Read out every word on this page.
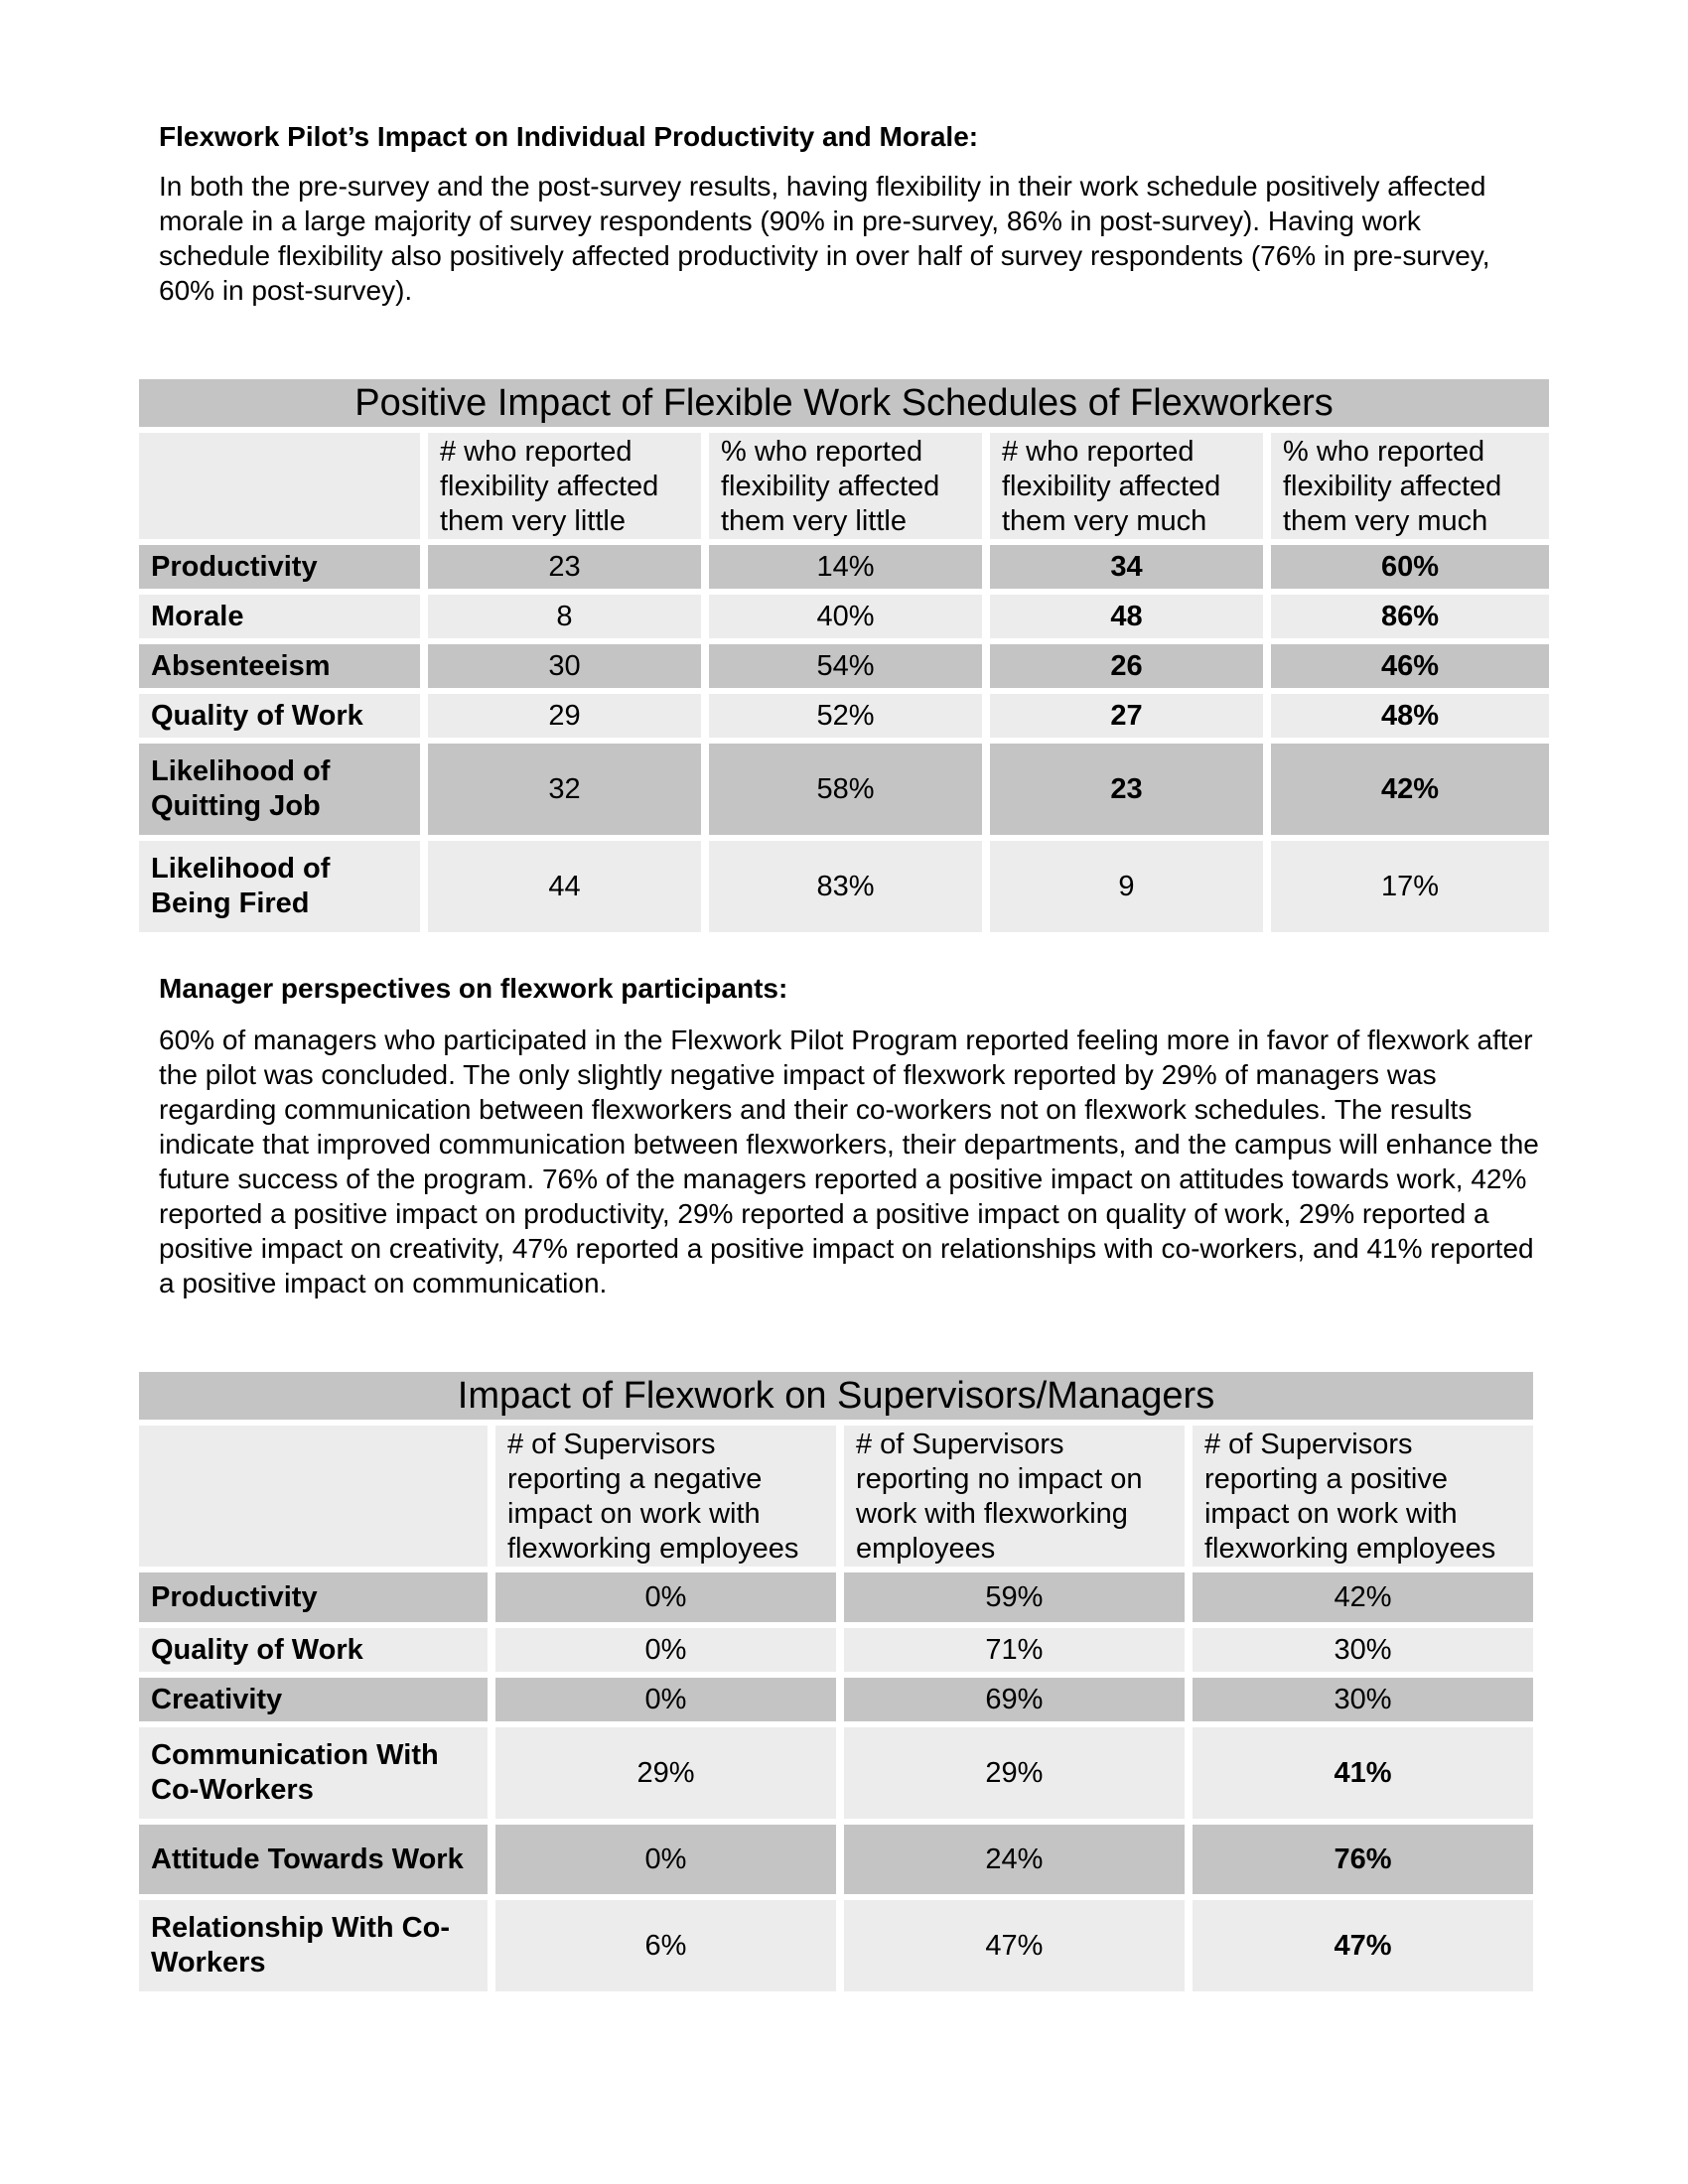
Flexwork Pilot’s Impact on Individual Productivity and Morale:

In both the pre-survey and the post-survey results, having flexibility in their work schedule positively affected morale in a large majority of survey respondents (90% in pre-survey, 86% in post-survey). Having work schedule flexibility also positively affected productivity in over half of survey respondents (76% in pre-survey, 60% in post-survey).

Positive Impact of Flexible Work Schedules of Flexworkers				
	# who reported flexibility affected them very little	% who reported flexibility affected them very little	# who reported flexibility affected them very much	% who reported flexibility affected them very much
Productivity	23	14%	34	60%
Morale	8	40%	48	86%
Absenteeism	30	54%	26	46%
Quality of Work	29	52%	27	48%
Likelihood of Quitting Job	32	58%	23	42%
Likelihood of Being Fired	44	83%	9	17%
Manager perspectives on flexwork participants:

60% of managers who participated in the Flexwork Pilot Program reported feeling more in favor of flexwork after the pilot was concluded. The only slightly negative impact of flexwork reported by 29% of managers was regarding communication between flexworkers and their co-workers not on flexwork schedules. The results indicate that improved communication between flexworkers, their departments, and the campus will enhance the future success of the program. 76% of the managers reported a positive impact on attitudes towards work, 42% reported a positive impact on productivity, 29% reported a positive impact on quality of work, 29% reported a positive impact on creativity, 47% reported a positive impact on relationships with co-workers, and 41% reported a positive impact on communication.

Impact of Flexwork on Supervisors/Managers			
	# of Supervisors reporting a negative impact on work with flexworking employees	# of Supervisors reporting no impact on work with flexworking employees	# of Supervisors reporting a positive impact on work with flexworking employees
Productivity	0%	59%	42%
Quality of Work	0%	71%	30%
Creativity	0%	69%	30%
Communication With Co-Workers	29%	29%	41%
Attitude Towards Work	0%	24%	76%
Relationship With Co-Workers	6%	47%	47%
